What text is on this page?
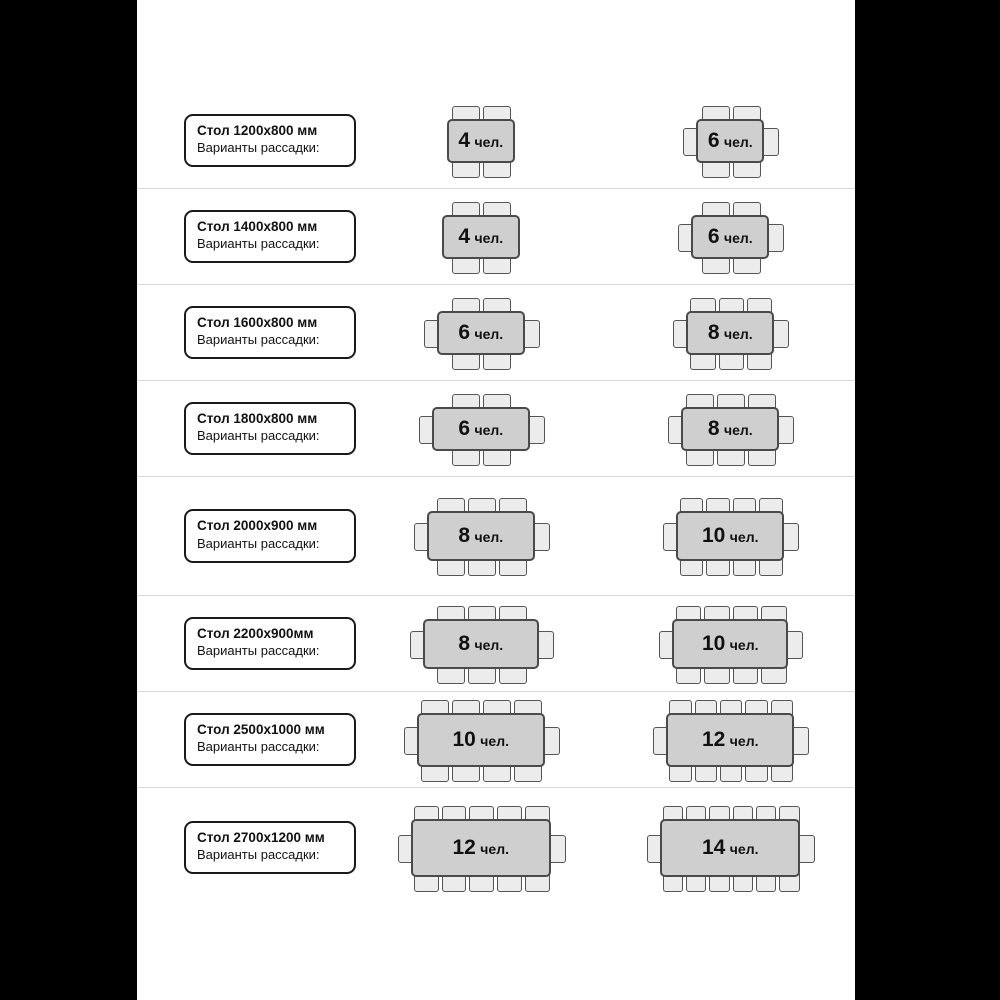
Стол 1200x800 мм
Варианты рассадки:	4 чел.	6 чел.
Стол 1400x800 мм
Варианты рассадки:	4 чел.	6 чел.
Стол 1600x800 мм
Варианты рассадки:	6 чел.	8 чел.
Стол 1800x800 мм
Варианты рассадки:	6 чел.	8 чел.
Стол 2000x900 мм
Варианты рассадки:	8 чел.	10 чел.
Стол 2200x900мм
Варианты рассадки:	8 чел.	10 чел.
Стол 2500x1000 мм
Варианты рассадки:	10 чел.	12 чел.
Стол 2700x1200 мм
Варианты рассадки:	12 чел.	14 чел.
